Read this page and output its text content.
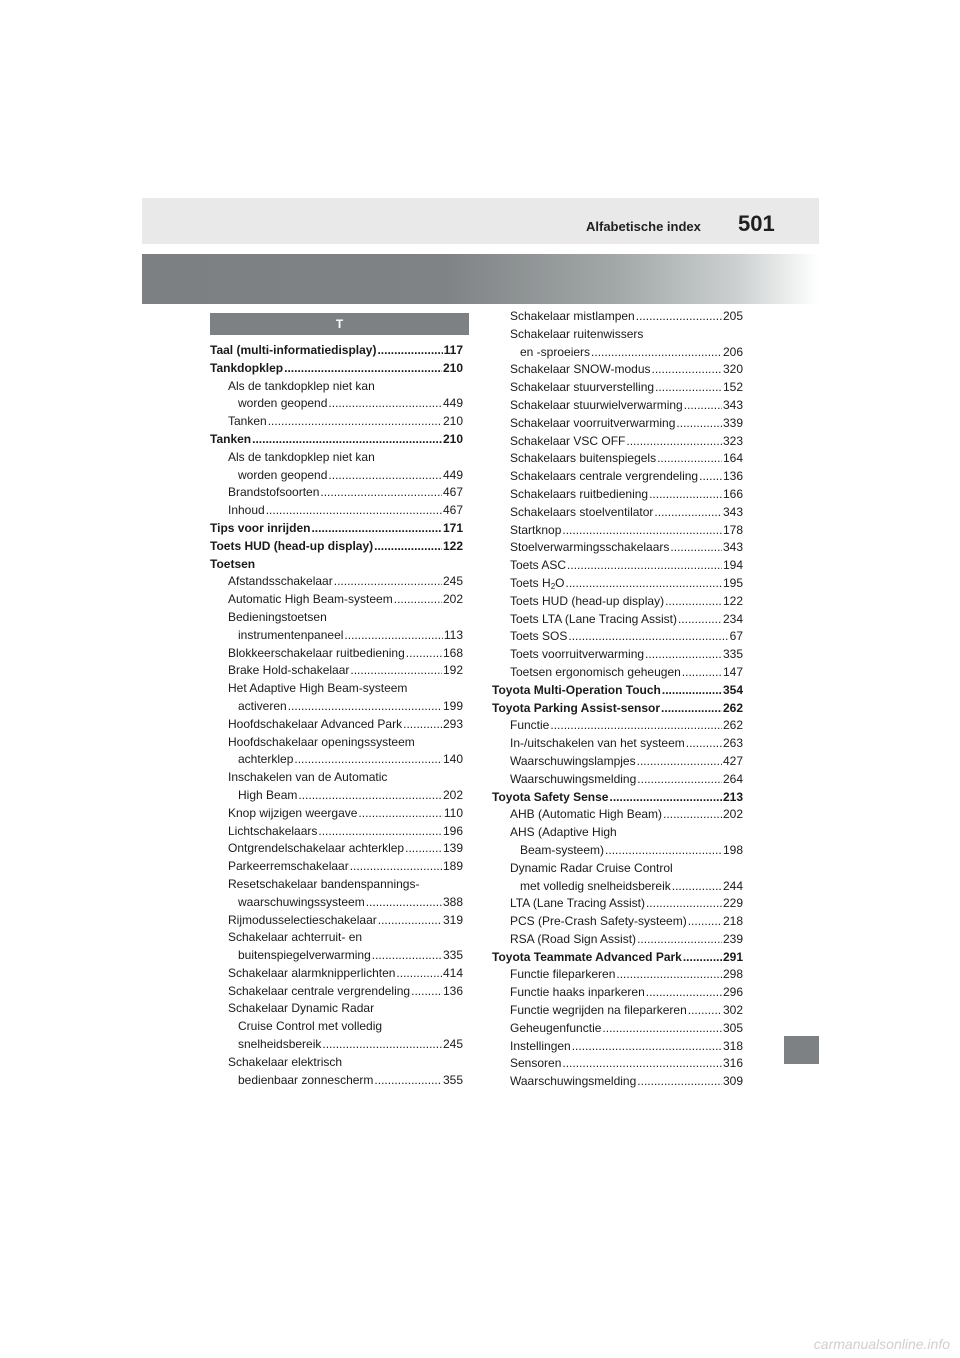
Alfabetische index 501
T
Taal (multi-informatiedisplay) .....	117
Tankdopklep .....	210
Als de tankdopklep niet kan
worden geopend .....	449
Tanken .....	210
Tanken .....	210
Als de tankdopklep niet kan
worden geopend .....	449
Brandstofsoorten .....	467
Inhoud .....	467
Tips voor inrijden .....	171
Toets HUD (head-up display) .....	122
Toetsen
Afstandsschakelaar .....	245
Automatic High Beam-systeem .....	202
Bedieningstoetsen
instrumentenpaneel .....	113
Blokkeerschakelaar ruitbediening .....	168
Brake Hold-schakelaar .....	192
Het Adaptive High Beam-systeem
activeren .....	199
Hoofdschakelaar Advanced Park .....	293
Hoofdschakelaar openingssysteem
achterklep .....	140
Inschakelen van de Automatic
High Beam .....	202
Knop wijzigen weergave .....	110
Lichtschakelaars .....	196
Ontgrendelschakelaar achterklep .....	139
Parkeerremschakelaar .....	189
Resetschakelaar bandenspannings-
waarschuwingssysteem .....	388
Rijmodusselectieschakelaar .....	319
Schakelaar achterruit- en
buitenspiegelverwarming .....	335
Schakelaar alarmknipperlichten .....	414
Schakelaar centrale vergrendeling .....	136
Schakelaar Dynamic Radar
Cruise Control met volledig
snelheidsbereik .....	245
Schakelaar elektrisch
bedienbaar zonnescherm .....	355
Schakelaar mistlampen .....	205
Schakelaar ruitenwissers
en -sproeiers .....	206
Schakelaar SNOW-modus .....	320
Schakelaar stuurverstelling .....	152
Schakelaar stuurwielverwarming .....	343
Schakelaar voorruitverwarming .....	339
Schakelaar VSC OFF .....	323
Schakelaars buitenspiegels .....	164
Schakelaars centrale vergrendeling ..... 136
Schakelaars ruitbediening .....	166
Schakelaars stoelventilator .....	343
Startknop .....	178
Stoelverwarmingsschakelaars .....	343
Toets ASC .....	194
Toets $H_2O$ .....	195
Toets HUD (head-up display) .....	122
Toets LTA (Lane Tracing Assist) .....	234
Toets SOS .....	67
Toets voorruitverwarming .....	335
Toetsen ergonomisch geheugen .....	147
Toyota Multi-Operation Touch .....	354
Toyota Parking Assist-sensor .....	262
Functie .....	262
In-/uitschakelen van het systeem .....	263
Waarschuwingslampjes .....	427
Waarschuwingsmelding .....	264
Toyota Safety Sense .....	213
AHB (Automatic High Beam) .....	202
AHS (Adaptive High
Beam-systeem) .....	198
Dynamic Radar Cruise Control
met volledig snelheidsbereik .....	244
LTA (Lane Tracing Assist) .....	229
PCS (Pre-Crash Safety-systeem) .....	218
RSA (Road Sign Assist) .....	239
Toyota Teammate Advanced Park .....	291
Functie fileparkeren .....	298
Functie haaks inparkeren .....	296
Functie wegrijden na fileparkeren .....	302
Geheugenfunctie .....	305
Instellingen .....	318
Sensoren .....	316
Waarschuwingsmelding .....	309
carmanualsonline.info
